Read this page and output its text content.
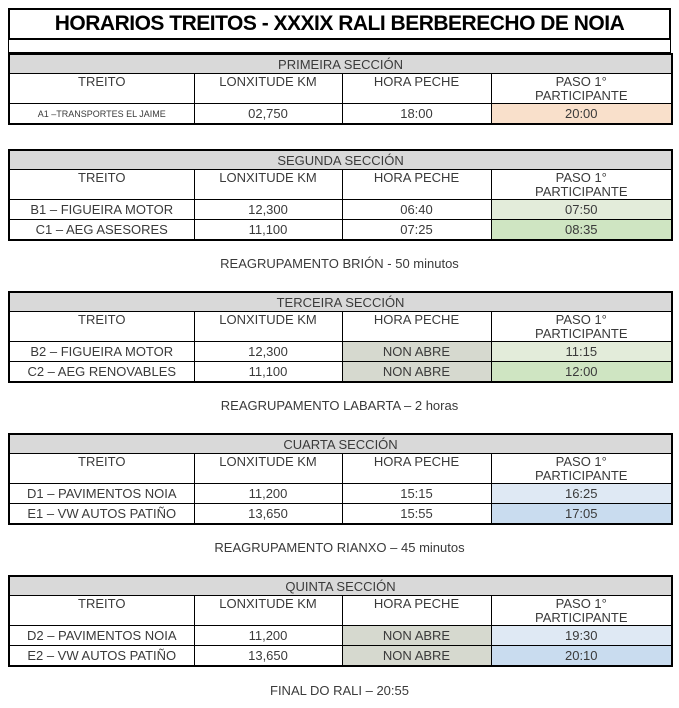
HORARIOS TREITOS - XXXIX RALI BERBERECHO DE NOIA
PRIMEIRA SECCIÓN			
TREITO	LONXITUDE KM	HORA PECHE	PASO 1°
PARTICIPANTE

A1 –TRANSPORTES EL JAIME	02,750	18:00	20:00
SEGUNDA SECCIÓN			
TREITO	LONXITUDE KM	HORA PECHE	PASO 1°
PARTICIPANTE

B1 – FIGUEIRA MOTOR	12,300	06:40	07:50
C1 – AEG ASESORES	11,100	07:25	08:35
REAGRUPAMENTO BRIÓN - 50 minutos
TERCEIRA SECCIÓN			
TREITO	LONXITUDE KM	HORA PECHE	PASO 1°
PARTICIPANTE

B2 – FIGUEIRA MOTOR	12,300	NON ABRE	11:15
C2 – AEG RENOVABLES	11,100	NON ABRE	12:00
REAGRUPAMENTO LABARTA – 2 horas
CUARTA SECCIÓN			
TREITO	LONXITUDE KM	HORA PECHE	PASO 1°
PARTICIPANTE

D1 – PAVIMENTOS NOIA	11,200	15:15	16:25
E1 – VW AUTOS PATIÑO	13,650	15:55	17:05
REAGRUPAMENTO RIANXO – 45 minutos
QUINTA SECCIÓN			
TREITO	LONXITUDE KM	HORA PECHE	PASO 1°
PARTICIPANTE

D2 – PAVIMENTOS NOIA	11,200	NON ABRE	19:30
E2 – VW AUTOS PATIÑO	13,650	NON ABRE	20:10
FINAL DO RALI – 20:55
